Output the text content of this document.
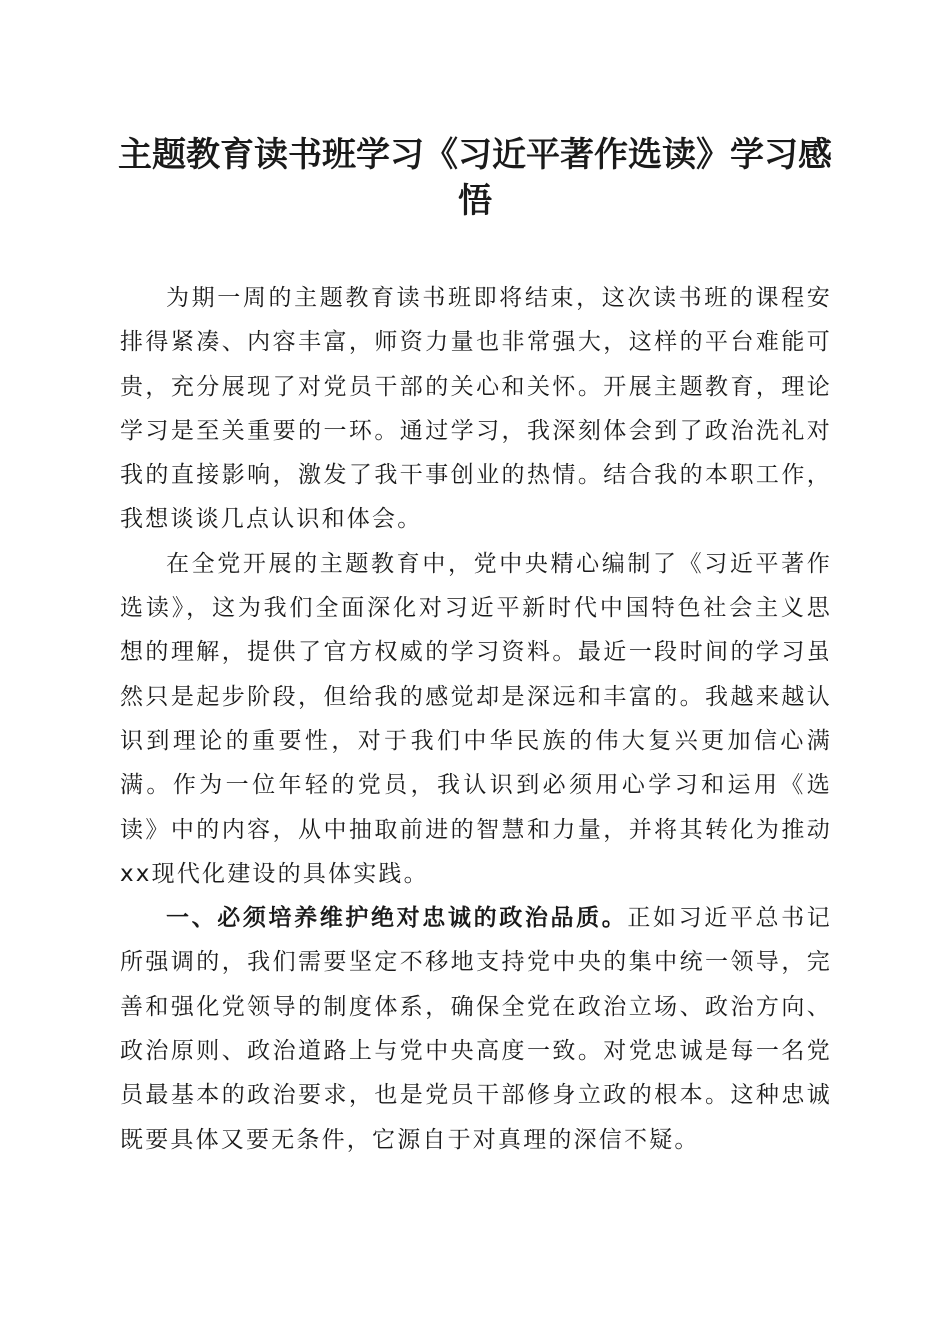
主题教育读书班学习《习近平著作选读》学习感悟

为期一周的主题教育读书班即将结束，这次读书班的课程安排得紧凑、内容丰富，师资力量也非常强大，这样的平台难能可贵，充分展现了对党员干部的关心和关怀。开展主题教育，理论学习是至关重要的一环。通过学习，我深刻体会到了政治洗礼对我的直接影响，激发了我干事创业的热情。结合我的本职工作，我想谈谈几点认识和体会。

在全党开展的主题教育中，党中央精心编制了《习近平著作选读》，这为我们全面深化对习近平新时代中国特色社会主义思想的理解，提供了官方权威的学习资料。最近一段时间的学习虽然只是起步阶段，但给我的感觉却是深远和丰富的。我越来越认识到理论的重要性，对于我们中华民族的伟大复兴更加信心满满。作为一位年轻的党员，我认识到必须用心学习和运用《选读》中的内容，从中抽取前进的智慧和力量，并将其转化为推动xx现代化建设的具体实践。

一、必须培养维护绝对忠诚的政治品质。正如习近平总书记所强调的，我们需要坚定不移地支持党中央的集中统一领导，完善和强化党领导的制度体系，确保全党在政治立场、政治方向、政治原则、政治道路上与党中央高度一致。对党忠诚是每一名党员最基本的政治要求，也是党员干部修身立政的根本。这种忠诚既要具体又要无条件，它源自于对真理的深信不疑。
